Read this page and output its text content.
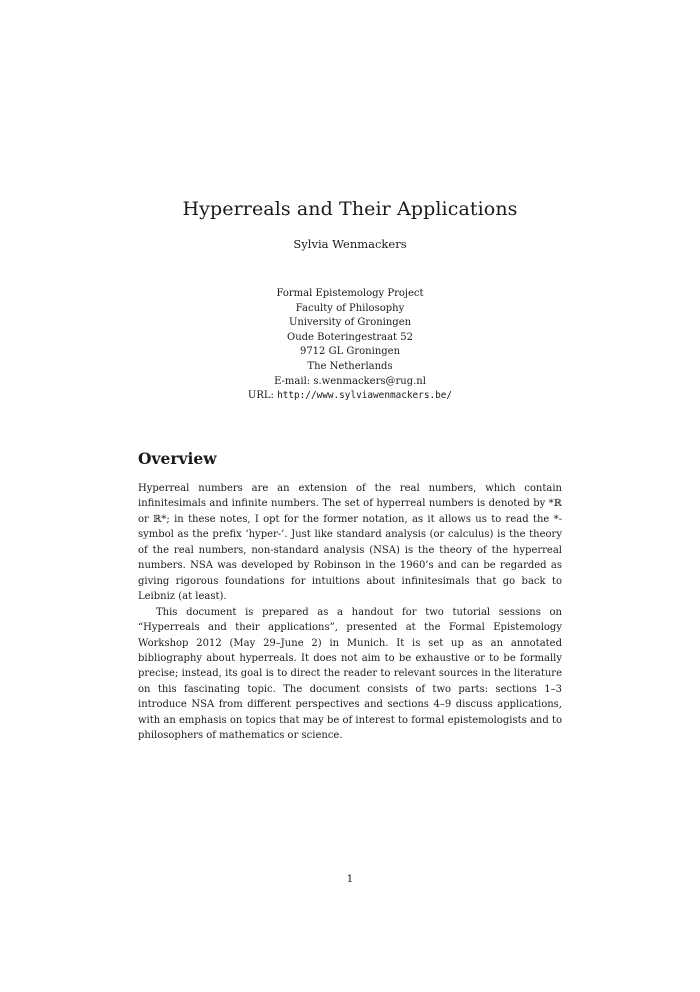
Hyperreals and Their Applications
Sylvia Wenmackers
Formal Epistemology Project
Faculty of Philosophy
University of Groningen
Oude Boteringestraat 52
9712 GL Groningen
The Netherlands
E-mail: s.wenmackers@rug.nl
URL: http://www.sylviawenmackers.be/
Overview

Hyperreal numbers are an extension of the real numbers, which contain infinitesimals and infinite numbers. The set of hyperreal numbers is denoted by *ℝ or ℝ*; in these notes, I opt for the former notation, as it allows us to read the *-symbol as the prefix ‘hyper-’. Just like standard analysis (or calculus) is the theory of the real numbers, non-standard analysis (NSA) is the theory of the hyperreal numbers. NSA was developed by Robinson in the 1960’s and can be regarded as giving rigorous foundations for intuitions about infinitesimals that go back to Leibniz (at least).

This document is prepared as a handout for two tutorial sessions on “Hyperreals and their applications”, presented at the Formal Epistemology Workshop 2012 (May 29–June 2) in Munich. It is set up as an annotated bibliography about hyperreals. It does not aim to be exhaustive or to be formally precise; instead, its goal is to direct the reader to relevant sources in the literature on this fascinating topic. The document consists of two parts: sections 1–3 introduce NSA from different perspectives and sections 4–9 discuss applications, with an emphasis on topics that may be of interest to formal epistemologists and to philosophers of mathematics or science.

1
